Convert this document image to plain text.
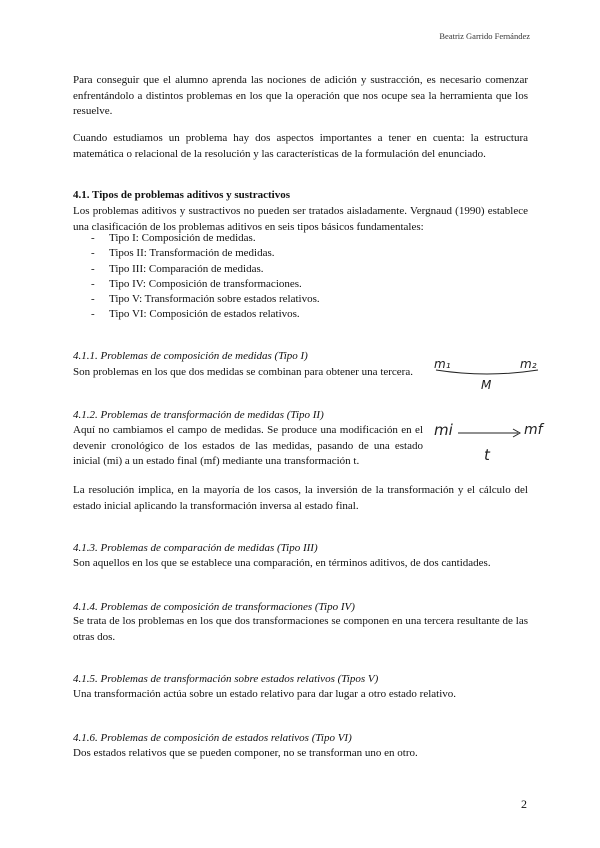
Beatriz Garrido Fernández
Para conseguir que el alumno aprenda las nociones de adición y sustracción, es necesario comenzar enfrentándolo a distintos problemas en los que la operación que nos ocupe sea la herramienta que los resuelve.
Cuando estudiamos un problema hay dos aspectos importantes a tener en cuenta: la estructura matemática o relacional de la resolución y las características de la formulación del enunciado.
4.1. Tipos de problemas aditivos y sustractivos
Los problemas aditivos y sustractivos no pueden ser tratados aisladamente. Vergnaud (1990) establece una clasificación de los problemas aditivos en seis tipos básicos fundamentales:
- Tipo I: Composición de medidas.
- Tipos II: Transformación de medidas.
- Tipo III: Comparación de medidas.
- Tipo IV: Composición de transformaciones.
- Tipo V: Transformación sobre estados relativos.
- Tipo VI: Composición de estados relativos.
4.1.1. Problemas de composición de medidas (Tipo I)
Son problemas en los que dos medidas se combinan para obtener una tercera.
m₁	m₂
M
4.1.2. Problemas de transformación de medidas (Tipo II)
Aquí no cambiamos el campo de medidas. Se produce una modificación en el devenir cronológico de los estados de las medidas, pasando de una estado inicial (mi) a un estado final (mf) mediante una transformación t.
mi	mf
t
La resolución implica, en la mayoría de los casos, la inversión de la transformación y el cálculo del estado inicial aplicando la transformación inversa al estado final.
4.1.3. Problemas de comparación de medidas (Tipo III)
Son aquellos en los que se establece una comparación, en términos aditivos, de dos cantidades.
4.1.4. Problemas de composición de transformaciones (Tipo IV)
Se trata de los problemas en los que dos transformaciones se componen en una tercera resultante de las otras dos.
4.1.5. Problemas de transformación sobre estados relativos (Tipos V)
Una transformación actúa sobre un estado relativo para dar lugar a otro estado relativo.
4.1.6. Problemas de composición de estados relativos (Tipo VI)
Dos estados relativos que se pueden componer, no se transforman uno en otro.
2
